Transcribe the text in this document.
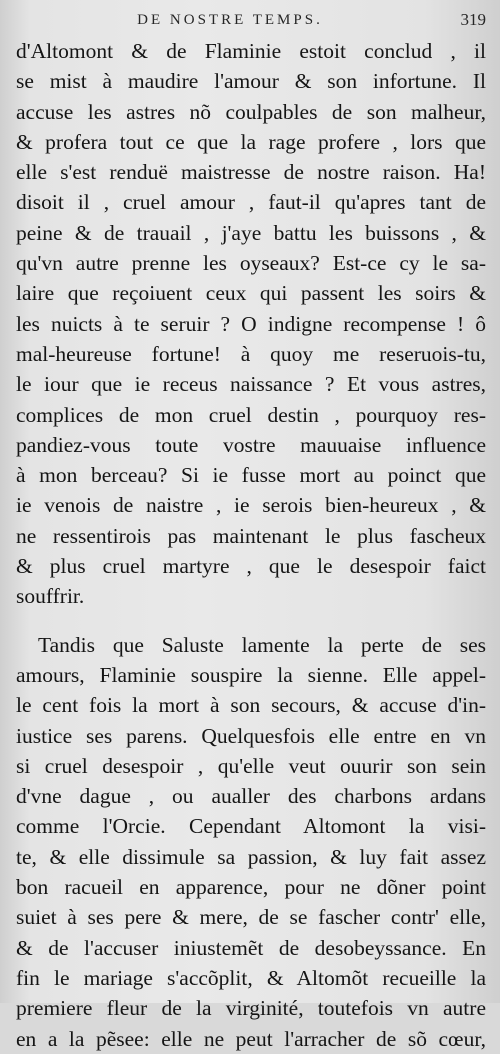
DE NOSTRE TEMPS.	319
d'Altomont & de Flaminie estoit conclud , il
se mist à maudire l'amour & son infortune. Il
accuse les astres nõ coulpables de son malheur,
& profera tout ce que la rage profere , lors que
elle s'est renduë maistresse de nostre raison. Ha!
disoit il , cruel amour , faut-il qu'apres tant de
peine & de trauail , j'aye battu les buissons , &
qu'vn autre prenne les oyseaux? Est-ce cy le sa-
laire que reçoiuent ceux qui passent les soirs &
les nuicts à te seruir ? O indigne recompense ! ô
mal-heureuse fortune! à quoy me reseruois-tu,
le iour que ie receus naissance ? Et vous astres,
complices de mon cruel destin , pourquoy res-
pandiez-vous toute vostre mauuaise influence
à mon berceau? Si ie fusse mort au poinct que
ie venois de naistre , ie serois bien-heureux , &
ne ressentirois pas maintenant le plus fascheux
& plus cruel martyre , que le desespoir faict
souffrir.
Tandis que Saluste lamente la perte de ses
amours, Flaminie souspire la sienne. Elle appel-
le cent fois la mort à son secours, & accuse d'in-
iustice ses parens. Quelquesfois elle entre en vn
si cruel desespoir , qu'elle veut ouurir son sein
d'vne dague , ou aualler des charbons ardans
comme l'Orcie. Cependant Altomont la visi-
te, & elle dissimule sa passion, & luy fait assez
bon racueil en apparence, pour ne dõner point
suiet à ses pere & mere, de se fascher contr' elle,
& de l'accuser iniustemẽt de desobeyssance. En
fin le mariage s'accõplit, & Altomõt recueille la
premiere fleur de la virginité, toutefois vn autre
en a la pẽsee: elle ne peut l'arracher de sõ cœur,
